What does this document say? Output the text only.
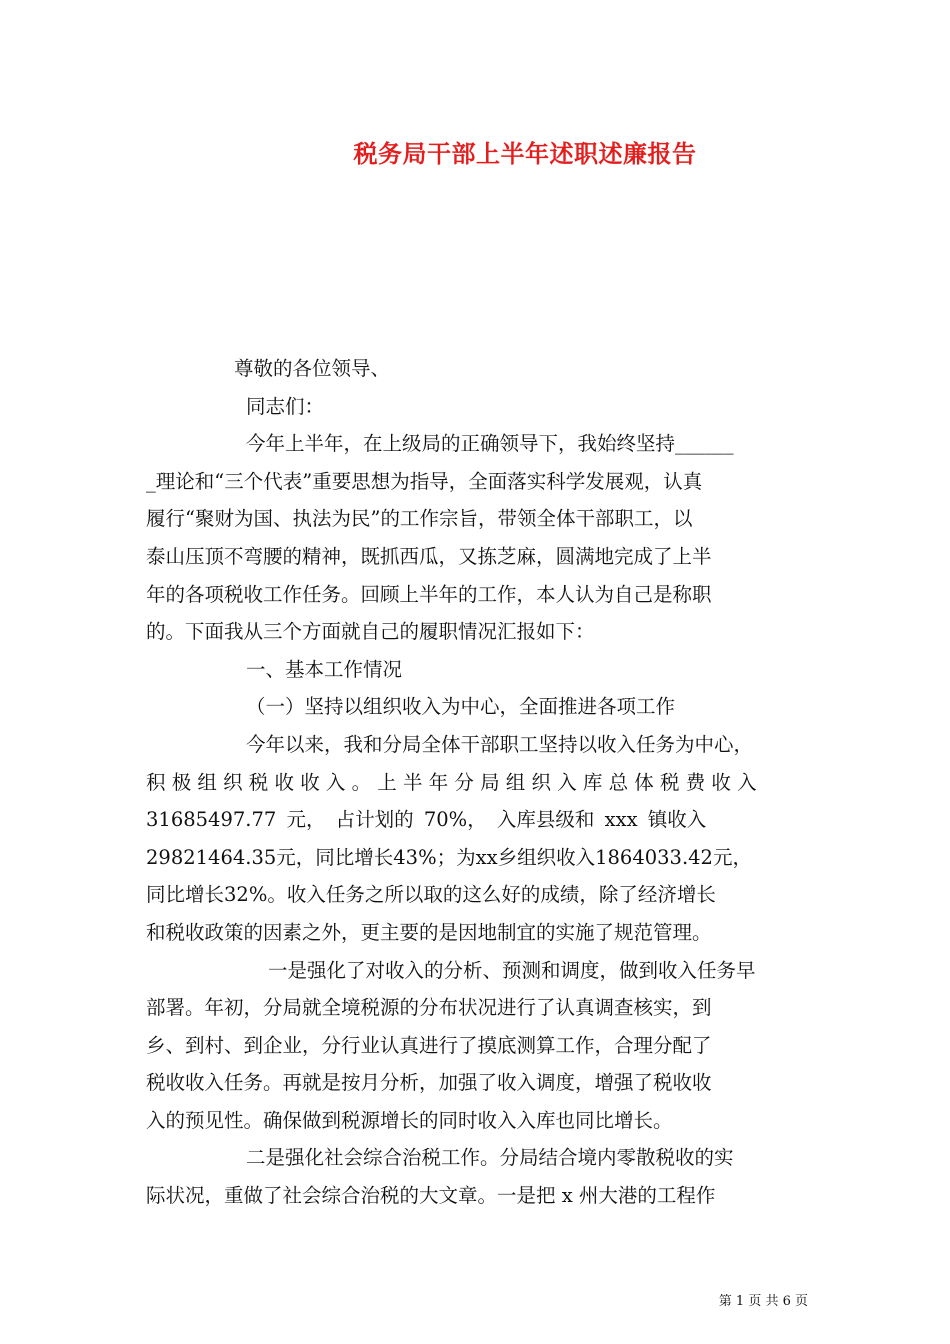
税务局干部上半年述职述廉报告
尊敬的各位领导、
同志们：
今年上半年，在上级局的正确领导下，我始终坚持______
_理论和“三个代表”重要思想为指导，全面落实科学发展观，认真
履行“聚财为国、执法为民”的工作宗旨，带领全体干部职工，以
泰山压顶不弯腰的精神，既抓西瓜，又拣芝麻，圆满地完成了上半
年的各项税收工作任务。回顾上半年的工作，本人认为自己是称职
的。下面我从三个方面就自己的履职情况汇报如下：
一、基本工作情况
（一）坚持以组织收入为中心，全面推进各项工作
今年以来，我和分局全体干部职工坚持以收入任务为中心，
积极组织税收收入。上半年分局组织入库总体税费收入
31685497.77 元， 占计划的 70%， 入库县级和 xxx 镇收入
29821464.35元，同比增长43%；为xx乡组织收入1864033.42元，
同比增长32%。收入任务之所以取的这么好的成绩，除了经济增长
和税收政策的因素之外，更主要的是因地制宜的实施了规范管理。
一是强化了对收入的分析、预测和调度，做到收入任务早
部署。年初，分局就全境税源的分布状况进行了认真调查核实，到
乡、到村、到企业，分行业认真进行了摸底测算工作，合理分配了
税收收入任务。再就是按月分析，加强了收入调度，增强了税收收
入的预见性。确保做到税源增长的同时收入入库也同比增长。
二是强化社会综合治税工作。分局结合境内零散税收的实
际状况，重做了社会综合治税的大文章。一是把 x 州大港的工程作
第 1 页 共 6 页
